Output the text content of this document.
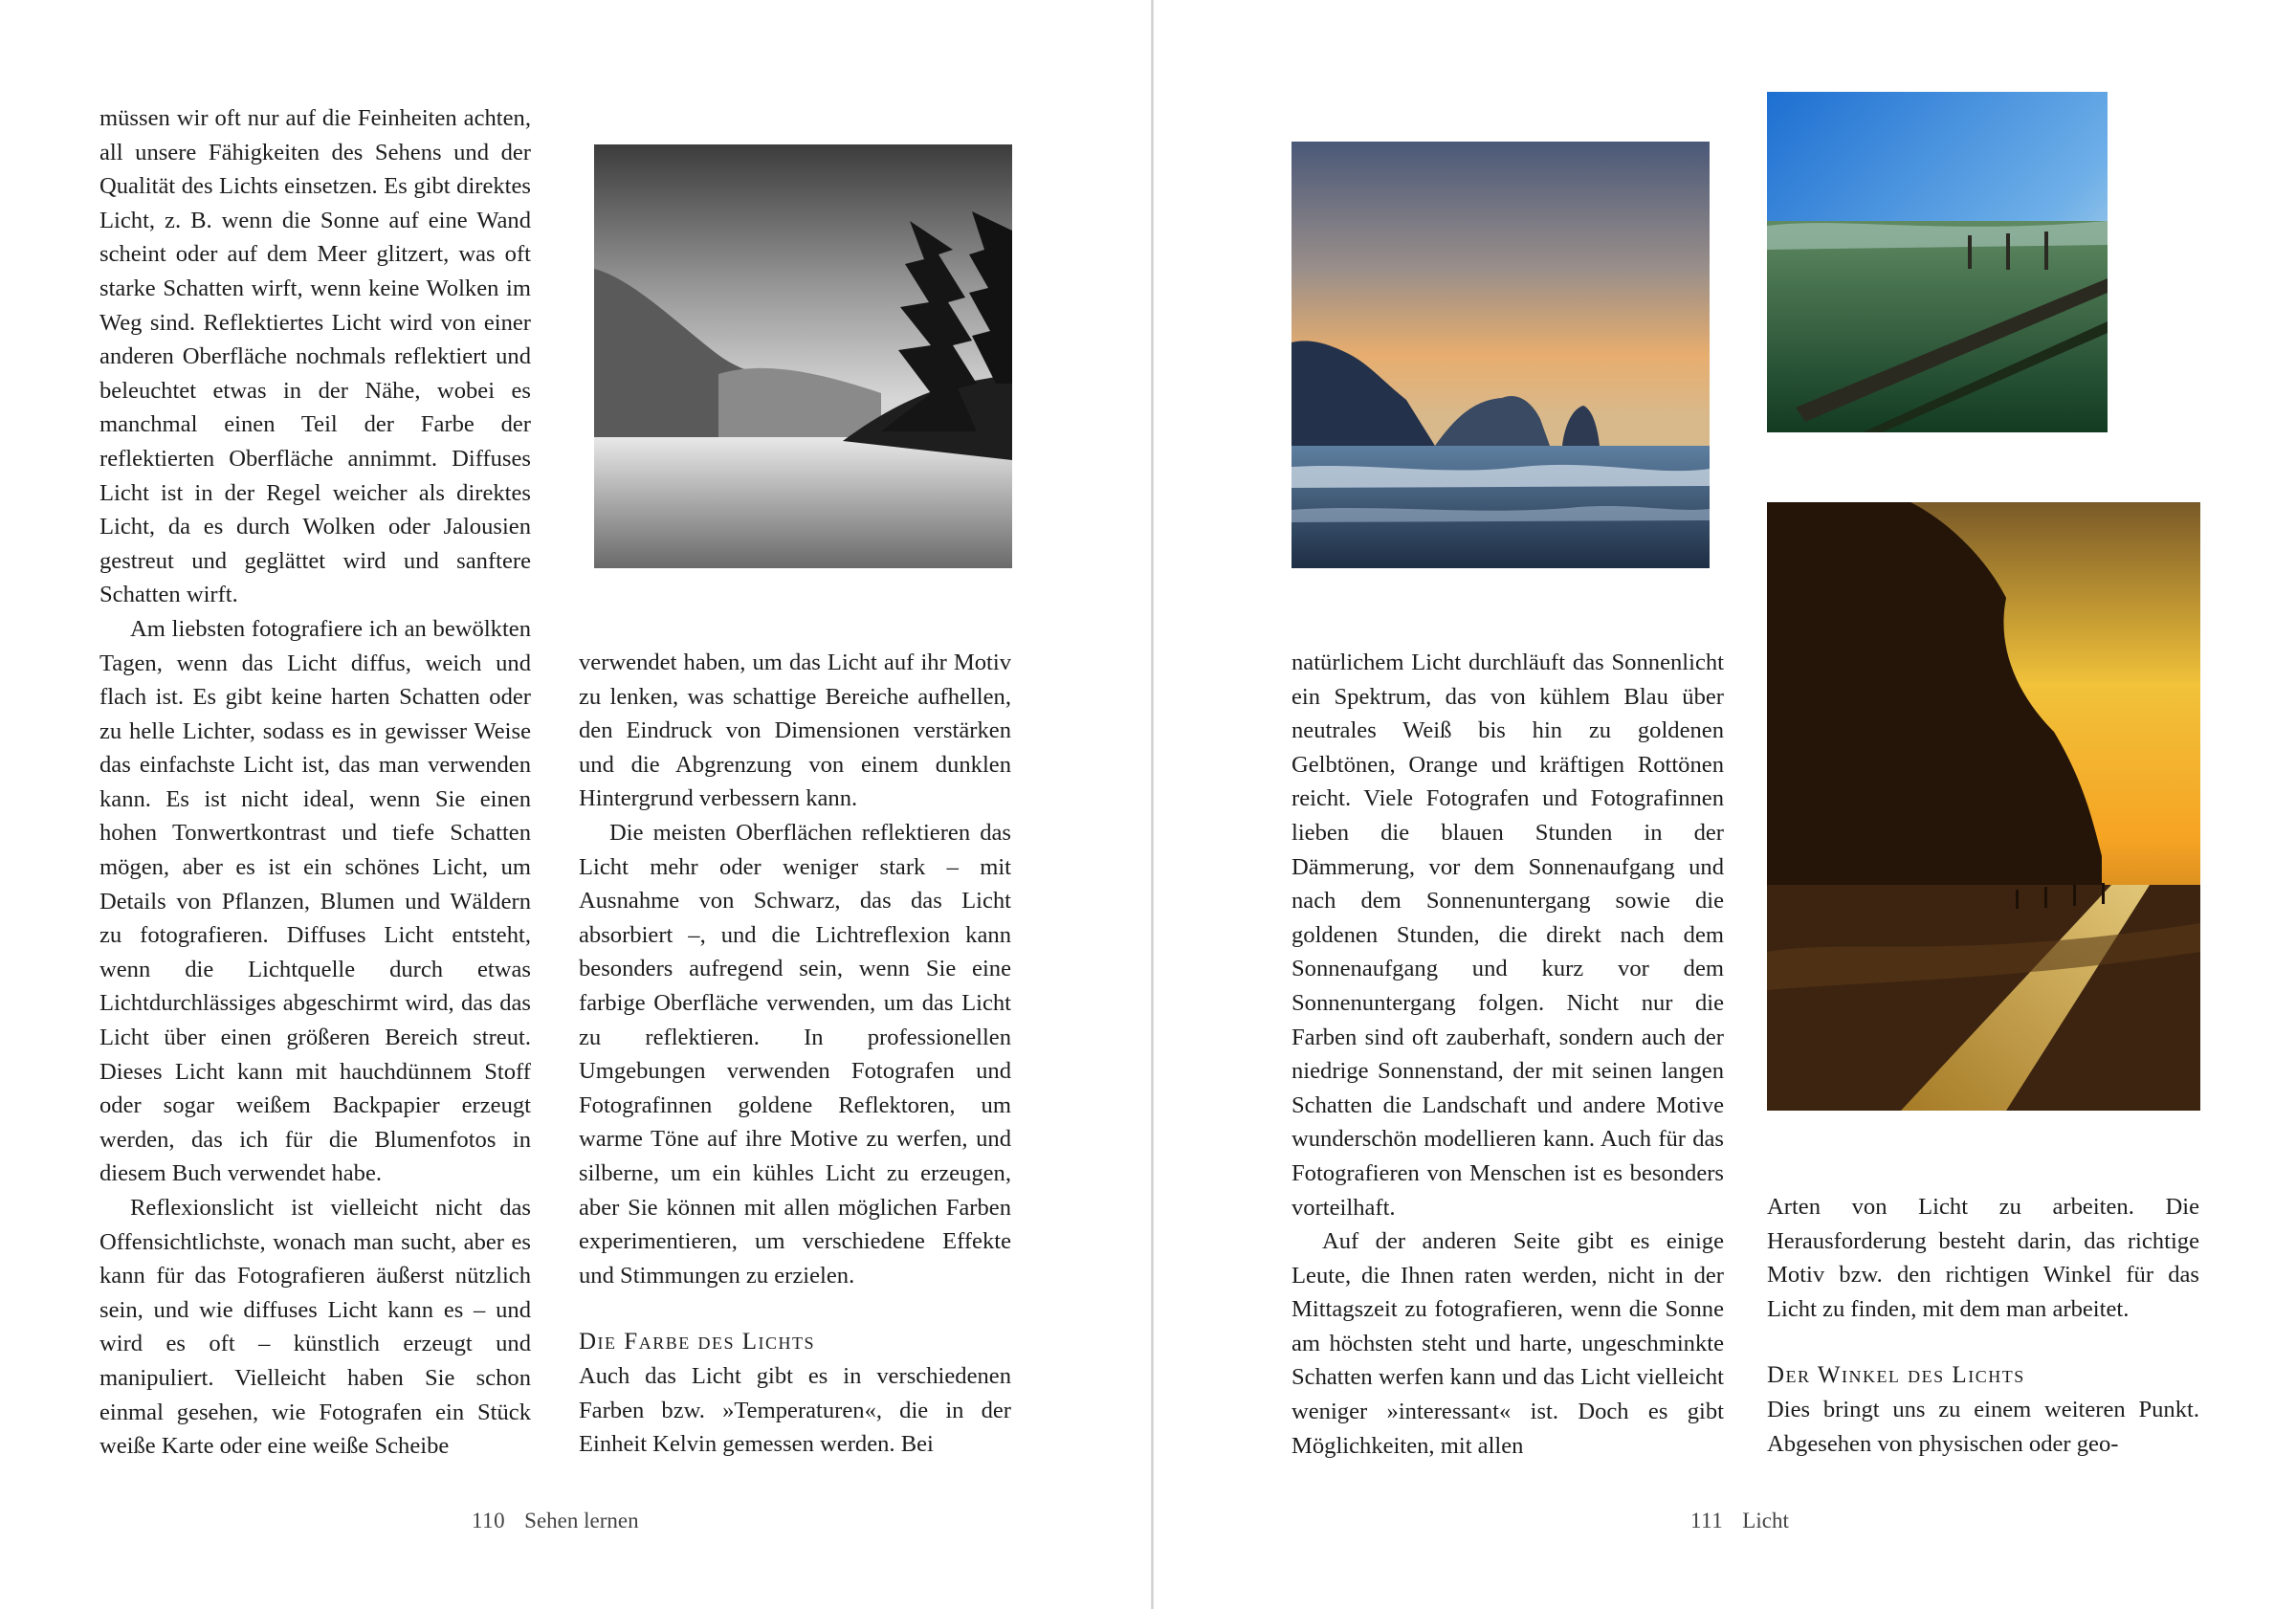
müssen wir oft nur auf die Feinheiten achten, all unsere Fähigkeiten des Sehens und der Qualität des Lichts einsetzen. Es gibt direktes Licht, z. B. wenn die Sonne auf eine Wand scheint oder auf dem Meer glitzert, was oft starke Schatten wirft, wenn keine Wolken im Weg sind. Reflektiertes Licht wird von einer anderen Oberfläche nochmals reflektiert und beleuchtet etwas in der Nähe, wobei es manchmal einen Teil der Farbe der reflektierten Oberfläche annimmt. Diffuses Licht ist in der Regel weicher als direktes Licht, da es durch Wolken oder Jalousien gestreut und geglättet wird und sanftere Schatten wirft.

Am liebsten fotografiere ich an bewölkten Tagen, wenn das Licht diffus, weich und flach ist. Es gibt keine harten Schatten oder zu helle Lichter, sodass es in gewisser Weise das einfachste Licht ist, das man verwenden kann. Es ist nicht ideal, wenn Sie einen hohen Tonwertkontrast und tiefe Schatten mögen, aber es ist ein schönes Licht, um Details von Pflanzen, Blumen und Wäldern zu fotografieren. Diffuses Licht entsteht, wenn die Lichtquelle durch etwas Lichtdurchlässiges abgeschirmt wird, das das Licht über einen größeren Bereich streut. Dieses Licht kann mit hauchdünnem Stoff oder sogar weißem Backpapier erzeugt werden, das ich für die Blumenfotos in diesem Buch verwendet habe.

Reflexionslicht ist vielleicht nicht das Offensichtlichste, wonach man sucht, aber es kann für das Fotografieren äußerst nützlich sein, und wie diffuses Licht kann es – und wird es oft – künstlich erzeugt und manipuliert. Vielleicht haben Sie schon einmal gesehen, wie Fotografen ein Stück weiße Karte oder eine weiße Scheibe

verwendet haben, um das Licht auf ihr Motiv zu lenken, was schattige Bereiche aufhellen, den Eindruck von Dimensionen verstärken und die Abgrenzung von einem dunklen Hintergrund verbessern kann.

Die meisten Oberflächen reflektieren das Licht mehr oder weniger stark – mit Ausnahme von Schwarz, das das Licht absorbiert –, und die Lichtreflexion kann besonders aufregend sein, wenn Sie eine farbige Oberfläche verwenden, um das Licht zu reflektieren. In professionellen Umgebungen verwenden Fotografen und Fotografinnen goldene Reflektoren, um warme Töne auf ihre Motive zu werfen, und silberne, um ein kühles Licht zu erzeugen, aber Sie können mit allen möglichen Farben experimentieren, um verschiedene Effekte und Stimmungen zu erzielen.

Die Farbe des Lichts

Auch das Licht gibt es in verschiedenen Farben bzw. »Temperaturen«, die in der Einheit Kelvin gemessen werden. Bei

110 Sehen lernen

natürlichem Licht durchläuft das Sonnenlicht ein Spektrum, das von kühlem Blau über neutrales Weiß bis hin zu goldenen Gelbtönen, Orange und kräftigen Rottönen reicht. Viele Fotografen und Fotografinnen lieben die blauen Stunden in der Dämmerung, vor dem Sonnenaufgang und nach dem Sonnenuntergang sowie die goldenen Stunden, die direkt nach dem Sonnenaufgang und kurz vor dem Sonnenuntergang folgen. Nicht nur die Farben sind oft zauberhaft, sondern auch der niedrige Sonnenstand, der mit seinen langen Schatten die Landschaft und andere Motive wunderschön modellieren kann. Auch für das Fotografieren von Menschen ist es besonders vorteilhaft.

Auf der anderen Seite gibt es einige Leute, die Ihnen raten werden, nicht in der Mittagszeit zu fotografieren, wenn die Sonne am höchsten steht und harte, ungeschminkte Schatten werfen kann und das Licht vielleicht weniger »interessant« ist. Doch es gibt Möglichkeiten, mit allen

Arten von Licht zu arbeiten. Die Herausforderung besteht darin, das richtige Motiv bzw. den richtigen Winkel für das Licht zu finden, mit dem man arbeitet.

Der Winkel des Lichts

Dies bringt uns zu einem weiteren Punkt. Abgesehen von physischen oder geo-

111 Licht
